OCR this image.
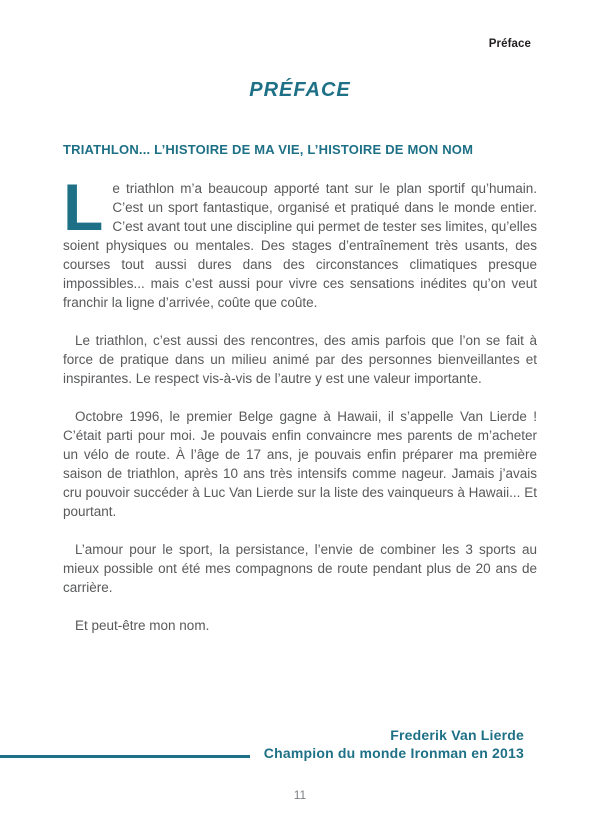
Préface
PRÉFACE
TRIATHLON... L’HISTOIRE DE MA VIE, L’HISTOIRE DE MON NOM

Le triathlon m’a beaucoup apporté tant sur le plan sportif qu’humain. C’est un sport fantastique, organisé et pratiqué dans le monde entier. C’est avant tout une discipline qui permet de tester ses limites, qu’elles soient physiques ou mentales. Des stages d’entraînement très usants, des courses tout aussi dures dans des circonstances climatiques presque impossibles... mais c’est aussi pour vivre ces sensations inédites qu’on veut franchir la ligne d’arrivée, coûte que coûte.

Le triathlon, c’est aussi des rencontres, des amis parfois que l’on se fait à force de pratique dans un milieu animé par des personnes bienveillantes et inspirantes. Le respect vis-à-vis de l’autre y est une valeur importante.

Octobre 1996, le premier Belge gagne à Hawaii, il s’appelle Van Lierde ! C’était parti pour moi. Je pouvais enfin convaincre mes parents de m’acheter un vélo de route. À l’âge de 17 ans, je pouvais enfin préparer ma première saison de triathlon, après 10 ans très intensifs comme nageur. Jamais j’avais cru pouvoir succéder à Luc Van Lierde sur la liste des vainqueurs à Hawaii... Et pourtant.

L’amour pour le sport, la persistance, l’envie de combiner les 3 sports au mieux possible ont été mes compagnons de route pendant plus de 20 ans de carrière.

Et peut-être mon nom.

Frederik Van Lierde
Champion du monde Ironman en 2013
11
